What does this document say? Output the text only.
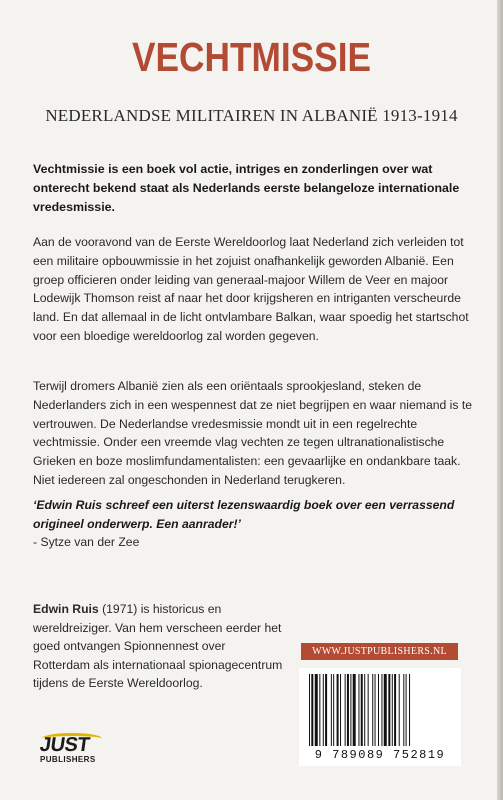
VECHTMISSIE
NEDERLANDSE MILITAIREN IN ALBANIË 1913-1914
Vechtmissie is een boek vol actie, intriges en zonderlingen over wat onterecht bekend staat als Nederlands eerste belangeloze internationale vredesmissie.
Aan de vooravond van de Eerste Wereldoorlog laat Nederland zich verleiden tot een militaire opbouwmissie in het zojuist onafhankelijk geworden Albanië. Een groep officieren onder leiding van generaal-majoor Willem de Veer en majoor Lodewijk Thomson reist af naar het door krijgsheren en intriganten verscheurde land. En dat allemaal in de licht ontvlambare Balkan, waar spoedig het startschot voor een bloedige wereldoorlog zal worden gegeven.
Terwijl dromers Albanië zien als een oriëntaals sprookjesland, steken de Nederlanders zich in een wespennest dat ze niet begrijpen en waar niemand is te vertrouwen. De Nederlandse vredesmissie mondt uit in een regelrechte vechtmissie. Onder een vreemde vlag vechten ze tegen ultranationalistische Grieken en boze moslimfundamentalisten: een gevaarlijke en ondankbare taak. Niet iedereen zal ongeschonden in Nederland terugkeren.
‘Edwin Ruis schreef een uiterst lezenswaardig boek over een verrassend origineel onderwerp. Een aanrader!’
- Sytze van der Zee
Edwin Ruis (1971) is historicus en wereldreiziger. Van hem verscheen eerder het goed ontvangen Spionnennest over Rotterdam als internationaal spionagecentrum tijdens de Eerste Wereldoorlog.
WWW.JUSTPUBLISHERS.NL
9 789089 752819
JUST
PUBLISHERS
